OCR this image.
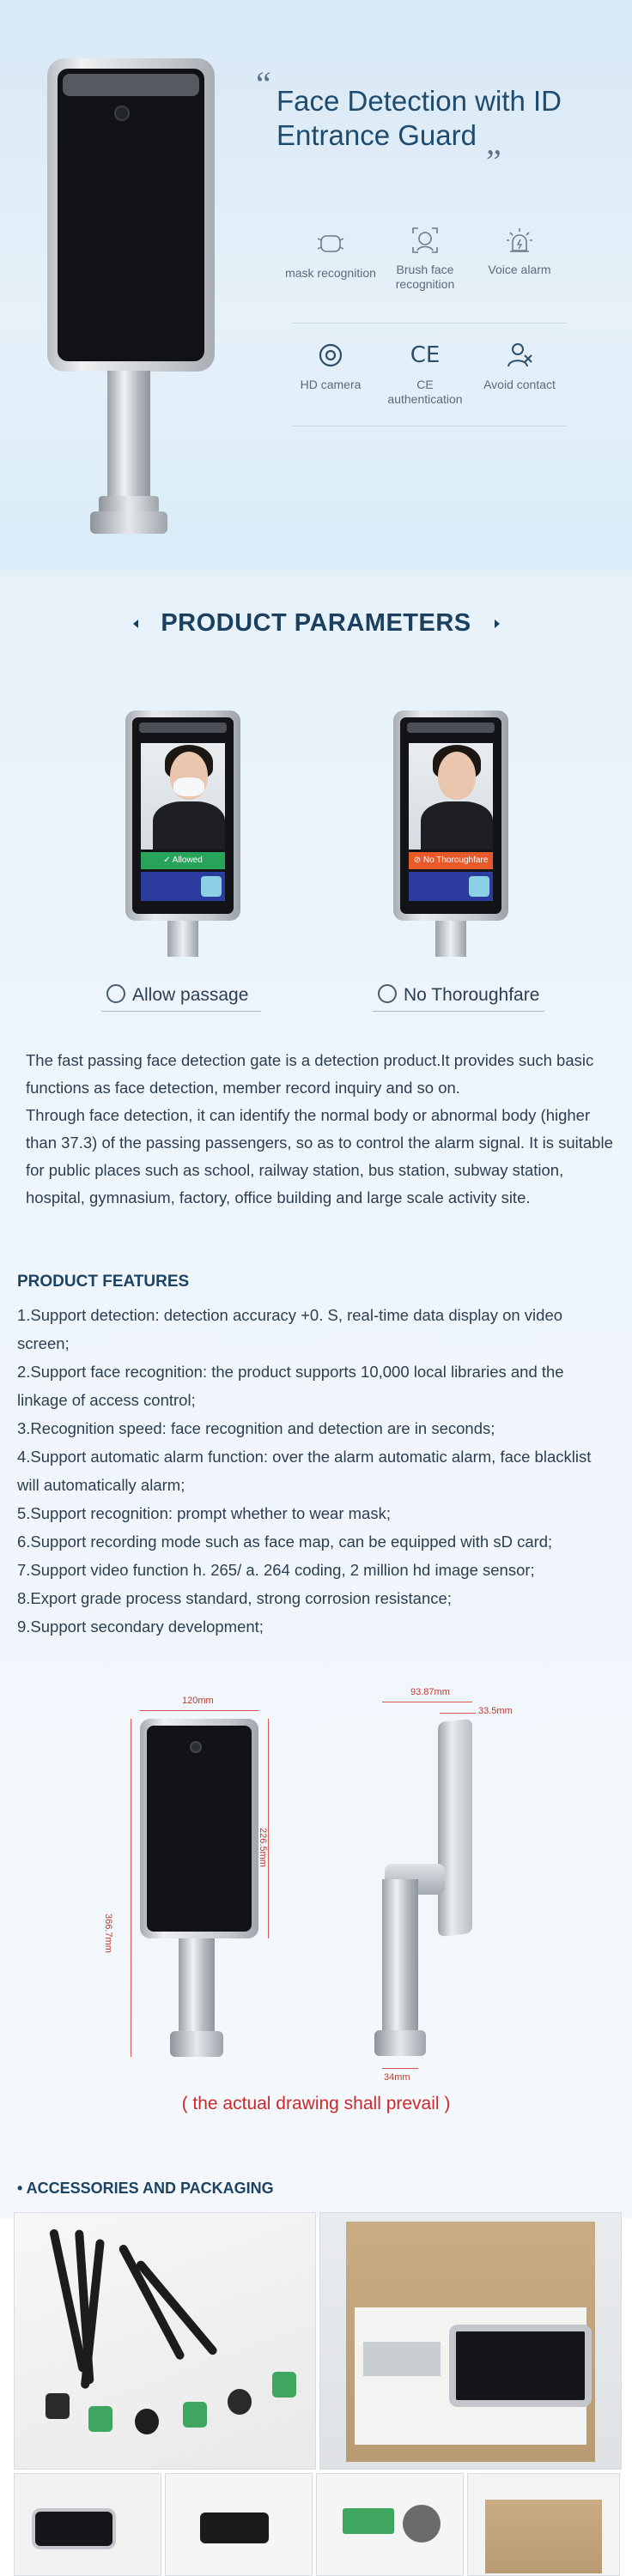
“ Face Detection with ID
Entrance Guard „
mask recognition	Brush face recognition
Voice alarm
HD camera
CE
CE authentication
Avoid contact
PRODUCT PARAMETERS
✓ Allowed	⊘ No Thoroughfare
Allow passage	No Thoroughfare

The fast passing face detection gate is a detection product.It provides such basic functions as face detection, member record inquiry and so on.

Through face detection, it can identify the normal body or abnormal body (higher than 37.3) of the passing passengers, so as to control the alarm signal. It is suitable for public places such as school, railway station, bus station, subway station, hospital, gymnasium, factory, office building and large scale activity site.

PRODUCT FEATURES
1.Support detection: detection accuracy +0. S, real-time data display on video screen;
2.Support face recognition: the product supports 10,000 local libraries and the linkage of access control;
3.Recognition speed: face recognition and detection are in seconds;
4.Support automatic alarm function: over the alarm automatic alarm, face blacklist will automatically alarm;
5.Support recognition: prompt whether to wear mask;
6.Support recording mode such as face map, can be equipped with sD card;
7.Support video function h. 265/ a. 264 coding, 2 million hd image sensor;
8.Export grade process standard, strong corrosion resistance;
9.Support secondary development;
120mm
226.5mm
366.7mm
93.87mm
33.5mm
34mm
( the actual drawing shall prevail )
• ACCESSORIES AND PACKAGING
